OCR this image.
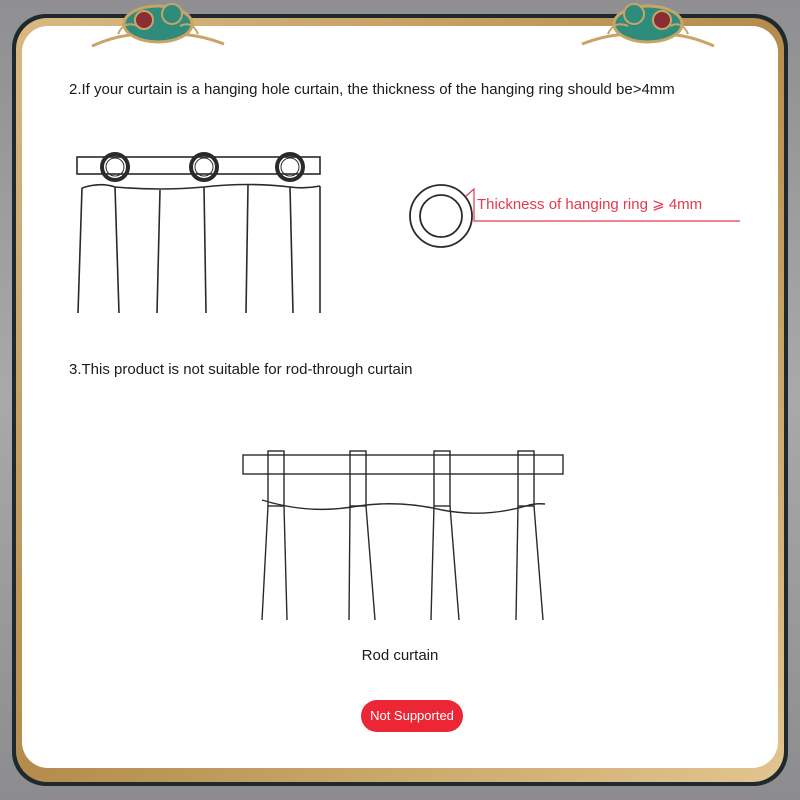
2.If your curtain is a hanging hole curtain, the thickness of the hanging ring should be>4mm
Thickness of hanging ring ⩾ 4mm
3.This product is not suitable for rod-through curtain
Rod curtain
Not Supported
